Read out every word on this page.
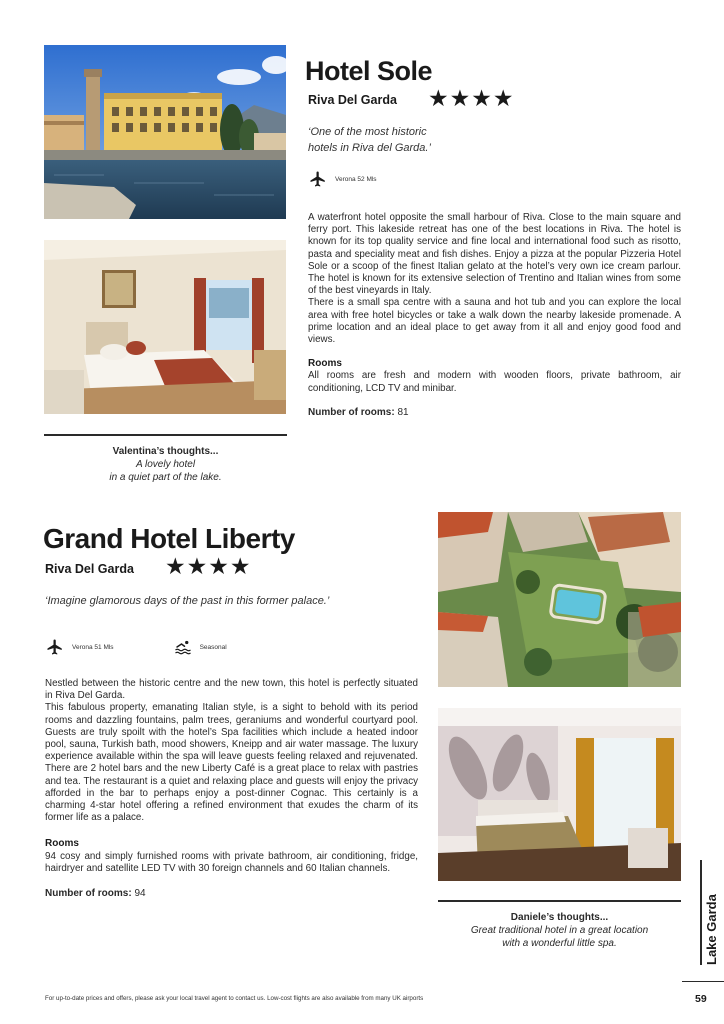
Hotel Sole
Riva Del Garda ★★★★
‘One of the most historic
hotels in Riva del Garda.’
Verona 52 Mls

A waterfront hotel opposite the small harbour of Riva. Close to the main square and ferry port. This lakeside retreat has one of the best locations in Riva. The hotel is known for its top quality service and fine local and international food such as risotto, pasta and speciality meat and fish dishes. Enjoy a pizza at the popular Pizzeria Hotel Sole or a scoop of the finest Italian gelato at the hotel’s very own ice cream parlour. The hotel is known for its extensive selection of Trentino and Italian wines from some of the best vineyards in Italy.

There is a small spa centre with a sauna and hot tub and you can explore the local area with free hotel bicycles or take a walk down the nearby lakeside promenade. A prime location and an ideal place to get away from it all and enjoy good food and views.

Rooms

All rooms are fresh and modern with wooden floors, private bathroom, air conditioning, LCD TV and minibar.

Number of rooms: 81
Valentina’s thoughts...
A lovely hotel
in a quiet part of the lake.
Grand Hotel Liberty
Riva Del Garda ★★★★
‘Imagine glamorous days of the past in this former palace.’
Verona 51 Mls	Seasonal

Nestled between the historic centre and the new town, this hotel is perfectly situated in Riva Del Garda.

This fabulous property, emanating Italian style, is a sight to behold with its period rooms and dazzling fountains, palm trees, geraniums and wonderful courtyard pool. Guests are truly spoilt with the hotel’s Spa facilities which include a heated indoor pool, sauna, Turkish bath, mood showers, Kneipp and air water massage. The luxury experience available within the spa will leave guests feeling relaxed and rejuvenated. There are 2 hotel bars and the new Liberty Café is a great place to relax with pastries and tea. The restaurant is a quiet and relaxing place and guests will enjoy the privacy afforded in the bar to perhaps enjoy a post-dinner Cognac. This certainly is a charming 4-star hotel offering a refined environment that exudes the charm of its former life as a palace.

Rooms

94 cosy and simply furnished rooms with private bathroom, air conditioning, fridge, hairdryer and satellite LED TV with 30 foreign channels and 60 Italian channels.

Number of rooms: 94
Daniele’s thoughts...
Great traditional hotel in a great location
with a wonderful little spa.	Lake Garda
For up-to-date prices and offers, please ask your local travel agent to contact us. Low-cost flights are also available from many UK airports	59
